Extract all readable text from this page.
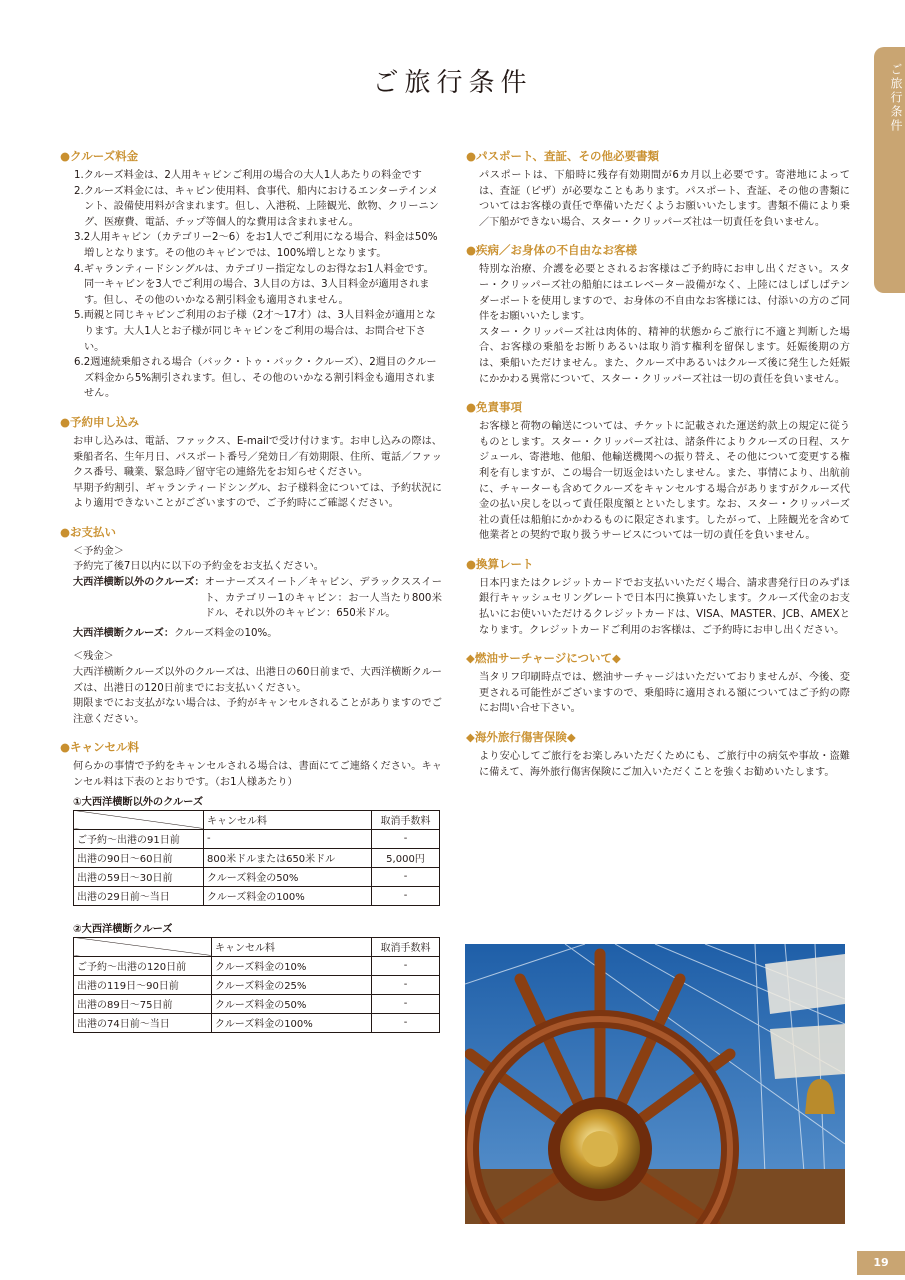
ご旅行条件	ご旅行条件
●クルーズ料金
1.クルーズ料金は、2人用キャビンご利用の場合の大人1人あたりの料金です
2.クルーズ料金には、キャビン使用料、食事代、船内におけるエンターテインメント、設備使用料が含まれます。但し、入港税、上陸観光、飲物、クリーニング、医療費、電話、チップ等個人的な費用は含まれません。
3.2人用キャビン（カテゴリー2～6）をお1人でご利用になる場合、料金は50%増しとなります。その他のキャビンでは、100%増しとなります。
4.ギャランティードシングルは、カテゴリー指定なしのお得なお1人料金です。同一キャビンを3人でご利用の場合、3人目の方は、3人目料金が適用されます。但し、その他のいかなる割引料金も適用されません。
5.両親と同じキャビンご利用のお子様（2才～17才）は、3人目料金が適用となります。大人1人とお子様が同じキャビンをご利用の場合は、お問合せ下さい。
6.2週連続乗船される場合（バック・トゥ・バック・クルーズ）、2週目のクルーズ料金から5%割引されます。但し、その他のいかなる割引料金も適用されません。
●予約申し込み

お申し込みは、電話、ファックス、E-mailで受け付けます。お申し込みの際は、乗船者名、生年月日、パスポート番号／発効日／有効期限、住所、電話／ファックス番号、職業、緊急時／留守宅の連絡先をお知らせください。

早期予約割引、ギャランティードシングル、お子様料金については、予約状況により適用できないことがございますので、ご予約時にご確認ください。

●お支払い

＜予約金＞

予約完了後7日以内に以下の予約金をお支払ください。

大西洋横断以外のクルーズ： オーナーズスイート／キャビン、デラックススイート、カテゴリー1のキャビン：お一人当たり800米ドル、それ以外のキャビン：650米ドル。
大西洋横断クルーズ： クルーズ料金の10%。

＜残金＞

大西洋横断クルーズ以外のクルーズは、出港日の60日前まで、大西洋横断クルーズは、出港日の120日前までにお支払いください。

期限までにお支払がない場合は、予約がキャンセルされることがありますのでご注意ください。

●キャンセル料

何らかの事情で予約をキャンセルされる場合は、書面にてご連絡ください。キャンセル料は下表のとおりです。（お1人様あたり）

①大西洋横断以外のクルーズ
	キャンセル料	取消手数料
ご予約～出港の91日前	-	-
出港の90日～60日前	800米ドルまたは650米ドル	5,000円
出港の59日～30日前	クルーズ料金の50%	-
出港の29日前～当日	クルーズ料金の100%	-
②大西洋横断クルーズ
	キャンセル料	取消手数料
ご予約～出港の120日前	クルーズ料金の10%	-
出港の119日～90日前	クルーズ料金の25%	-
出港の89日～75日前	クルーズ料金の50%	-
出港の74日前～当日	クルーズ料金の100%	-
●パスポート、査証、その他必要書類

パスポートは、下船時に残存有効期間が6カ月以上必要です。寄港地によっては、査証（ビザ）が必要なこともあります。パスポート、査証、その他の書類についてはお客様の責任で準備いただくようお願いいたします。書類不備により乗／下船ができない場合、スター・クリッパーズ社は一切責任を負いません。

●疾病／お身体の不自由なお客様

特別な治療、介護を必要とされるお客様はご予約時にお申し出ください。スター・クリッパーズ社の船舶にはエレベーター設備がなく、上陸にはしばしばテンダーボートを使用しますので、お身体の不自由なお客様には、付添いの方のご同伴をお願いいたします。

スター・クリッパーズ社は肉体的、精神的状態からご旅行に不適と判断した場合、お客様の乗船をお断りあるいは取り消す権利を留保します。妊娠後期の方は、乗船いただけません。また、クルーズ中あるいはクルーズ後に発生した妊娠にかかわる異常について、スター・クリッパーズ社は一切の責任を負いません。

●免責事項

お客様と荷物の輸送については、チケットに記載された運送約款上の規定に従うものとします。スター・クリッパーズ社は、諸条件によりクルーズの日程、スケジュール、寄港地、他船、他輸送機関への振り替え、その他について変更する権利を有しますが、この場合一切返金はいたしません。また、事情により、出航前に、チャーターも含めてクルーズをキャンセルする場合がありますがクルーズ代金の払い戻しを以って責任限度額とといたします。なお、スター・クリッパーズ社の責任は船舶にかかわるものに限定されます。したがって、上陸観光を含めて他業者との契約で取り扱うサービスについては一切の責任を負いません。

●換算レート

日本円またはクレジットカードでお支払いいただく場合、請求書発行日のみずほ銀行キャッシュセリングレートで日本円に換算いたします。クルーズ代金のお支払いにお使いいただけるクレジットカードは、VISA、MASTER、JCB、AMEXとなります。クレジットカードご利用のお客様は、ご予約時にお申し出ください。

◆燃油サーチャージについて◆

当タリフ印刷時点では、燃油サーチャージはいただいておりませんが、今後、変更される可能性がございますので、乗船時に適用される額についてはご予約の際にお問い合せ下さい。

◆海外旅行傷害保険◆

より安心してご旅行をお楽しみいただくためにも、ご旅行中の病気や事故・盗難に備えて、海外旅行傷害保険にご加入いただくことを強くお勧めいたします。

19
